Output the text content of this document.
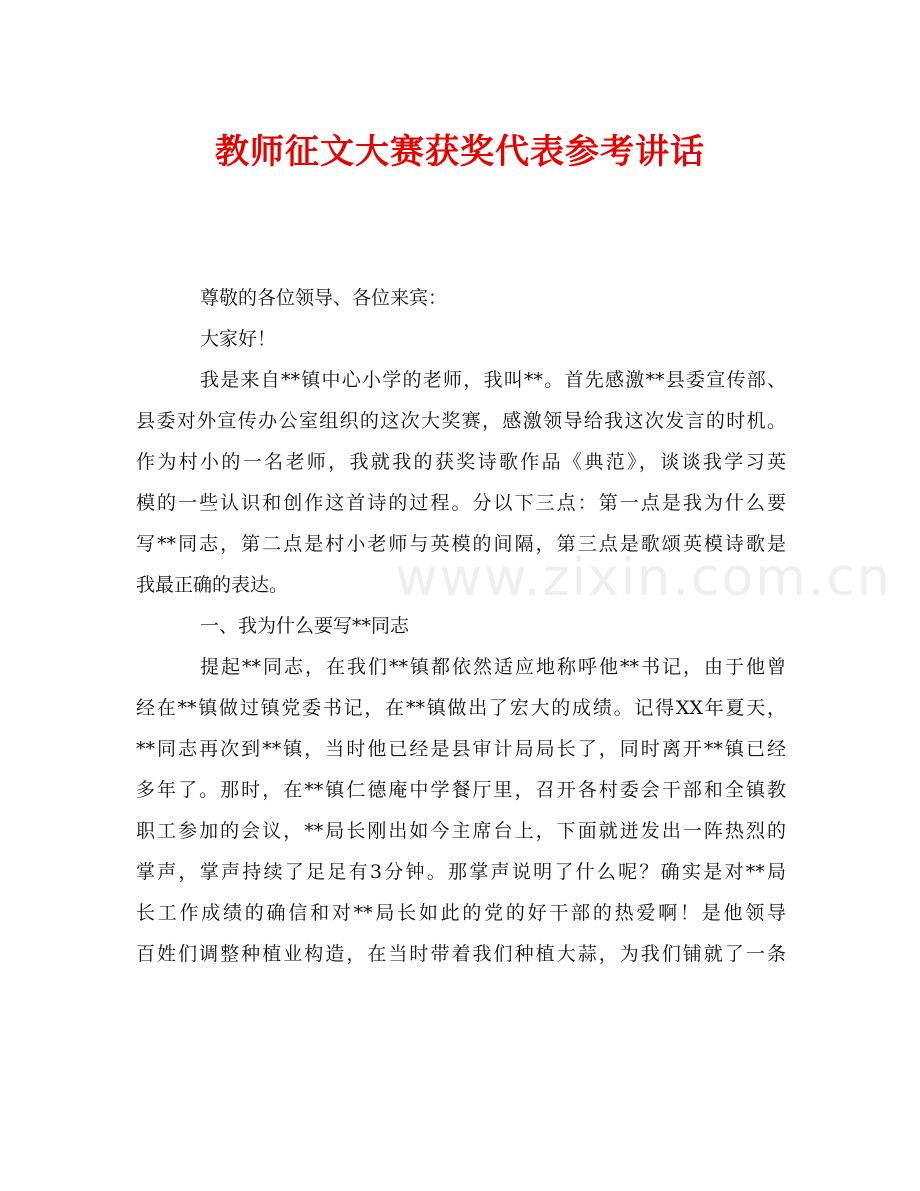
www.zixin.com.cn
教师征文大赛获奖代表参考讲话
尊敬的各位领导、各位来宾：
大家好！
我是来自**镇中心小学的老师，我叫**。首先感激**县委宣传部、
县委对外宣传办公室组织的这次大奖赛，感激领导给我这次发言的时机。
作为村小的一名老师，我就我的获奖诗歌作品《典范》，谈谈我学习英
模的一些认识和创作这首诗的过程。分以下三点：第一点是我为什么要
写**同志，第二点是村小老师与英模的间隔，第三点是歌颂英模诗歌是
我最正确的表达。
一、我为什么要写**同志
提起**同志，在我们**镇都依然适应地称呼他**书记，由于他曾
经在**镇做过镇党委书记，在**镇做出了宏大的成绩。记得XX年夏天，
**同志再次到**镇，当时他已经是县审计局局长了，同时离开**镇已经
多年了。那时，在**镇仁德庵中学餐厅里，召开各村委会干部和全镇教
职工参加的会议，**局长刚出如今主席台上，下面就迸发出一阵热烈的
掌声，掌声持续了足足有3分钟。那掌声说明了什么呢？确实是对**局
长工作成绩的确信和对**局长如此的党的好干部的热爱啊！是他领导
百姓们调整种植业构造，在当时带着我们种植大蒜，为我们铺就了一条
